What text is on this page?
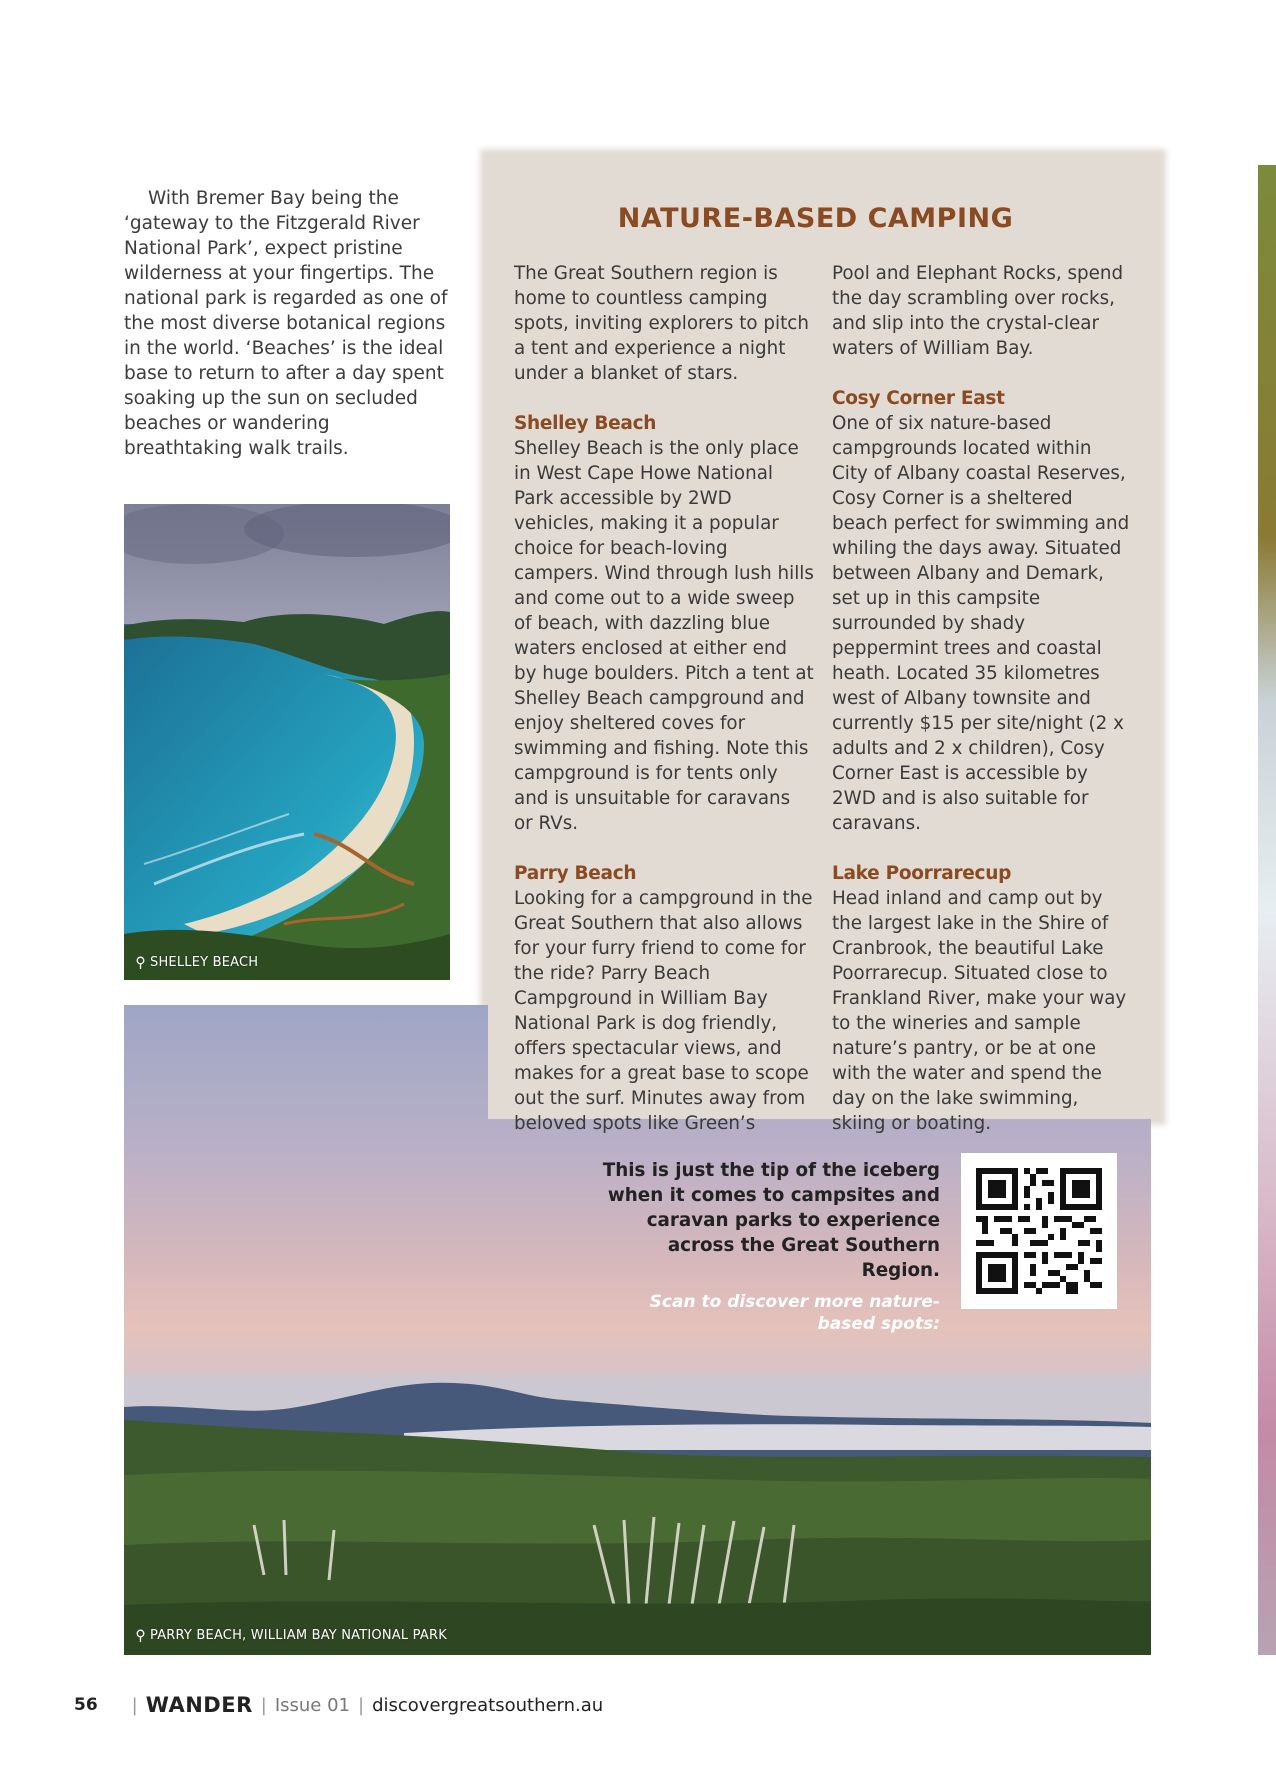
With Bremer Bay being the ‘gateway to the Fitzgerald River National Park’, expect pristine wilderness at your fingertips. The national park is regarded as one of the most diverse botanical regions in the world. ‘Beaches’ is the ideal base to return to after a day spent soaking up the sun on secluded beaches or wandering breathtaking walk trails.

PARRY BEACH, WILLIAM BAY NATIONAL PARK
NATURE-BASED CAMPING

The Great Southern region is home to countless camping spots, inviting explorers to pitch a tent and experience a night under a blanket of stars.

Shelley Beach

Shelley Beach is the only place in West Cape Howe National Park accessible by 2WD vehicles, making it a popular choice for beach-loving campers. Wind through lush hills and come out to a wide sweep of beach, with dazzling blue waters enclosed at either end by huge boulders. Pitch a tent at Shelley Beach campground and enjoy sheltered coves for swimming and fishing. Note this campground is for tents only and is unsuitable for caravans or RVs.

Parry Beach

Looking for a campground in the Great Southern that also allows for your furry friend to come for the ride? Parry Beach Campground in William Bay National Park is dog friendly, offers spectacular views, and makes for a great base to scope out the surf. Minutes away from beloved spots like Green’s

Pool and Elephant Rocks, spend the day scrambling over rocks, and slip into the crystal-clear waters of William Bay.

Cosy Corner East

One of six nature-based campgrounds located within City of Albany coastal Reserves, Cosy Corner is a sheltered beach perfect for swimming and whiling the days away. Situated between Albany and Demark, set up in this campsite surrounded by shady peppermint trees and coastal heath. Located 35 kilometres west of Albany townsite and currently $15 per site/night (2 x adults and 2 x children), Cosy Corner East is accessible by 2WD and is also suitable for caravans.

Lake Poorrarecup

Head inland and camp out by the largest lake in the Shire of Cranbrook, the beautiful Lake Poorrarecup. Situated close to Frankland River, make your way to the wineries and sample nature’s pantry, or be at one with the water and spend the day on the lake swimming, skiing or boating.

SHELLEY BEACH

This is just the tip of the iceberg when it comes to campsites and caravan parks to experience across the Great Southern Region.

Scan to discover more nature-based spots:

56 | WANDER | Issue 01 | discovergreatsouthern.au
